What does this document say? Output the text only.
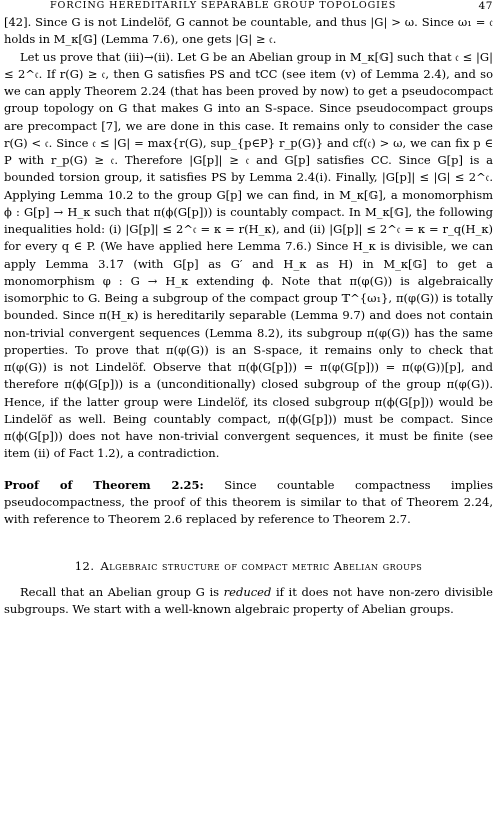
FORCING HEREDITARILY SEPARABLE GROUP TOPOLOGIES	47

[42]. Since G is not Lindelöf, G cannot be countable, and thus |G| > ω. Since ω₁ = 𝔠 holds in M_κ[𝔾] (Lemma 7.6), one gets |G| ≥ 𝔠.

Let us prove that (iii)→(ii). Let G be an Abelian group in M_κ[𝔾] such that 𝔠 ≤ |G| ≤ 2^𝔠. If r(G) ≥ 𝔠, then G satisfies PS and tCC (see item (v) of Lemma 2.4), and so we can apply Theorem 2.24 (that has been proved by now) to get a pseudocompact group topology on G that makes G into an S-space. Since pseudocompact groups are precompact [7], we are done in this case. It remains only to consider the case r(G) < 𝔠. Since 𝔠 ≤ |G| = max{r(G), sup_{p∈P} r_p(G)} and cf(𝔠) > ω, we can fix p ∈ P with r_p(G) ≥ 𝔠. Therefore |G[p]| ≥ 𝔠 and G[p] satisfies CC. Since G[p] is a bounded torsion group, it satisfies PS by Lemma 2.4(i). Finally, |G[p]| ≤ |G| ≤ 2^𝔠. Applying Lemma 10.2 to the group G[p] we can find, in M_κ[𝔾], a monomorphism ϕ : G[p] → H_κ such that π(ϕ(G[p])) is countably compact. In M_κ[𝔾], the following inequalities hold: (i) |G[p]| ≤ 2^𝔠 = κ = r(H_κ), and (ii) |G[p]| ≤ 2^𝔠 = κ = r_q(H_κ) for every q ∈ P. (We have applied here Lemma 7.6.) Since H_κ is divisible, we can apply Lemma 3.17 (with G[p] as G′ and H_κ as H) in M_κ[𝔾] to get a monomorphism φ : G → H_κ extending ϕ. Note that π(φ(G)) is algebraically isomorphic to G. Being a subgroup of the compact group 𝕋^{ω₁}, π(φ(G)) is totally bounded. Since π(H_κ) is hereditarily separable (Lemma 9.7) and does not contain non-trivial convergent sequences (Lemma 8.2), its subgroup π(φ(G)) has the same properties. To prove that π(φ(G)) is an S-space, it remains only to check that π(φ(G)) is not Lindelöf. Observe that π(ϕ(G[p])) = π(φ(G[p])) = π(φ(G))[p], and therefore π(ϕ(G[p])) is a (unconditionally) closed subgroup of the group π(φ(G)). Hence, if the latter group were Lindelöf, its closed subgroup π(ϕ(G[p])) would be Lindelöf as well. Being countably compact, π(ϕ(G[p])) must be compact. Since π(ϕ(G[p])) does not have non-trivial convergent sequences, it must be finite (see item (ii) of Fact 1.2), a contradiction.

Proof of Theorem 2.25: Since countable compactness implies pseudocompactness, the proof of this theorem is similar to that of Theorem 2.24, with reference to Theorem 2.6 replaced by reference to Theorem 2.7.

12. Algebraic structure of compact metric Abelian groups

Recall that an Abelian group G is reduced if it does not have non-zero divisible subgroups. We start with a well-known algebraic property of Abelian groups.
